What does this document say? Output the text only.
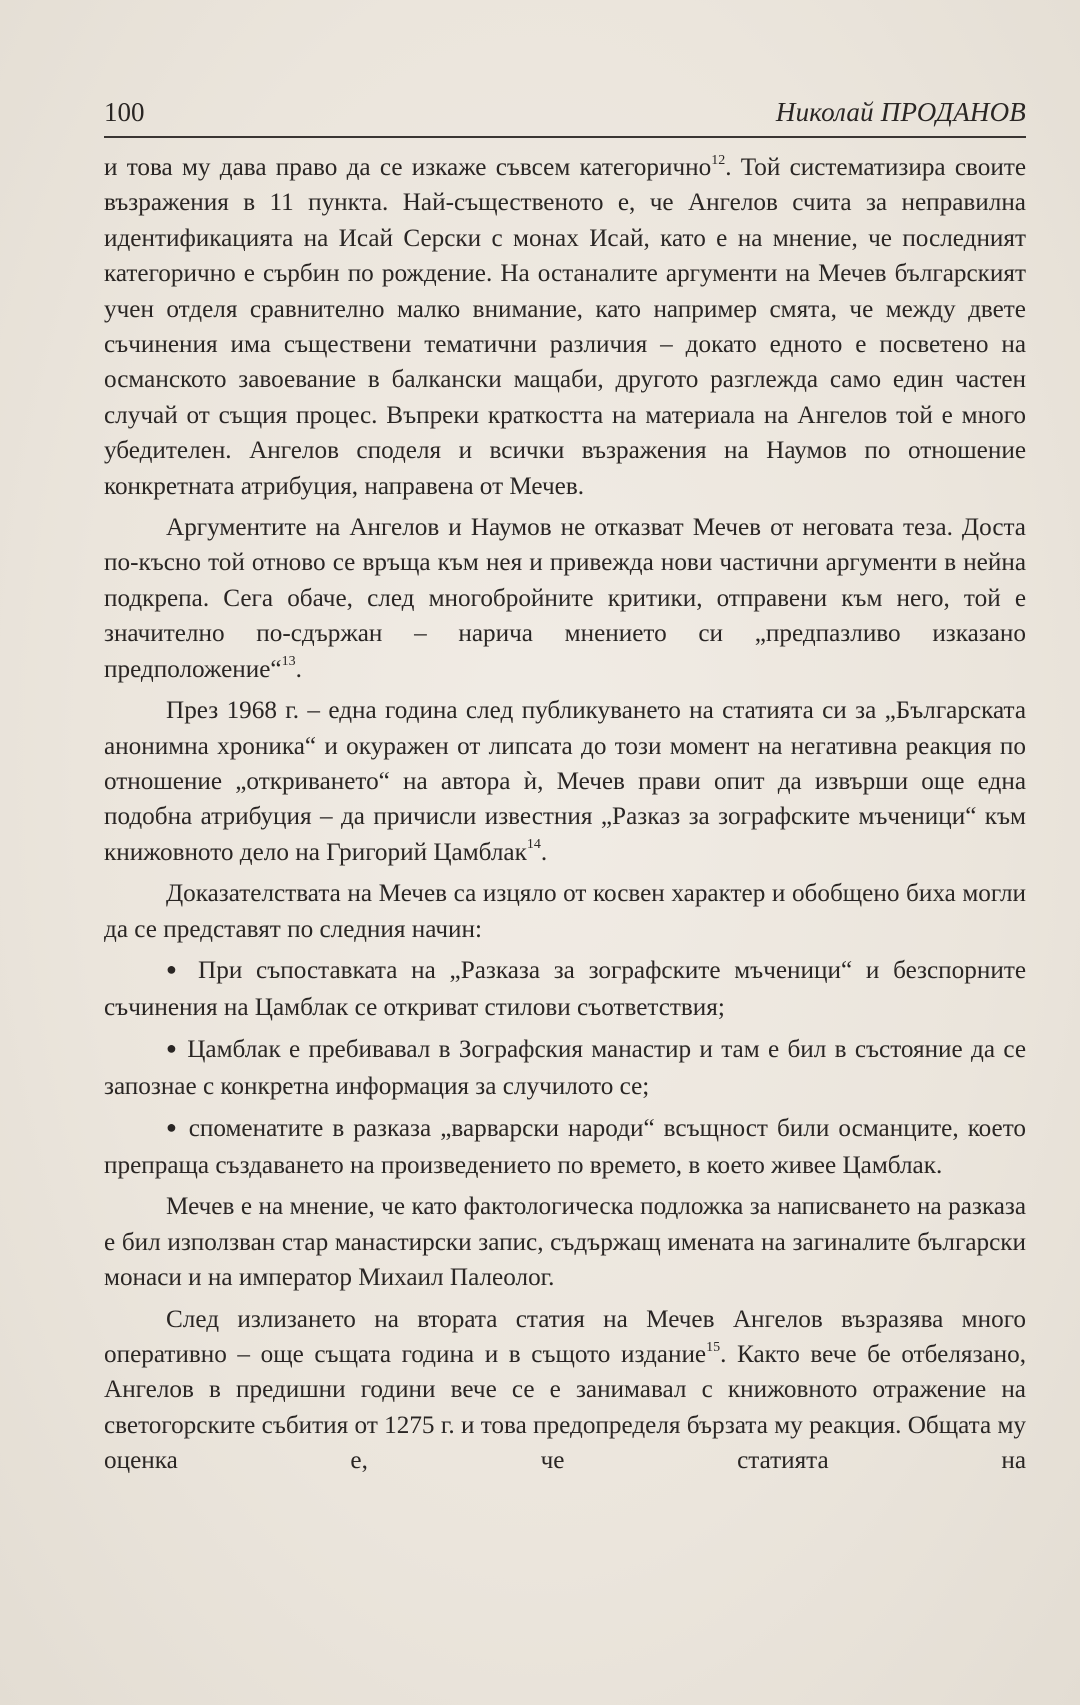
100	Николай ПРОДАНОВ

и това му дава право да се изкаже съвсем категорично$^{12}$. Той систематизира своите възражения в 11 пункта. Най-същественото е, че Ангелов счита за неправилна идентификацията на Исай Серски с монах Исай, като е на мнение, че последният категорично е сърбин по рождение. На останалите аргументи на Мечев българският учен отделя сравнително малко внимание, като например смята, че между двете съчинения има съществени тематични различия – докато едното е посветено на османското завоевание в балкански мащаби, другото разглежда само един частен случай от същия процес. Въпреки краткостта на материала на Ангелов той е много убедителен. Ангелов споделя и всички възражения на Наумов по отношение конкретната атрибуция, направена от Мечев.

Аргументите на Ангелов и Наумов не отказват Мечев от неговата теза. Доста по-късно той отново се връща към нея и привежда нови частични аргументи в нейна подкрепа. Сега обаче, след многобройните критики, отправени към него, той е значително по-сдържан – нарича мнението си „предпазливо изказано предположение“$^{13}$.

През 1968 г. – една година след публикуването на статията си за „Българската анонимна хроника“ и окуражен от липсата до този момент на негативна реакция по отношение „откриването“ на автора ѝ, Мечев прави опит да извърши още една подобна атрибуция – да причисли известния „Разказ за зографските мъченици“ към книжовното дело на Григорий Цамблак$^{14}$.

Доказателствата на Мечев са изцяло от косвен характер и обобщено биха могли да се представят по следния начин:

● При съпоставката на „Разказа за зографските мъченици“ и безспорните съчинения на Цамблак се откриват стилови съответствия;
● Цамблак е пребивавал в Зографския манастир и там е бил в състояние да се запознае с конкретна информация за случилото се;
● споменатите в разказа „варварски народи“ всъщност били османците, което препраща създаването на произведението по времето, в което живее Цамблак.

Мечев е на мнение, че като фактологическа подложка за написването на разказа е бил използван стар манастирски запис, съдържащ имената на загиналите български монаси и на император Михаил Палеолог.

След излизането на втората статия на Мечев Ангелов възразява много оперативно – още същата година и в същото издание$^{15}$. Както вече бе отбелязано, Ангелов в предишни години вече се е занимавал с книжовното отражение на светогорските събития от 1275 г. и това предопределя бързата му реакция. Общата му оценка е, че статията на
